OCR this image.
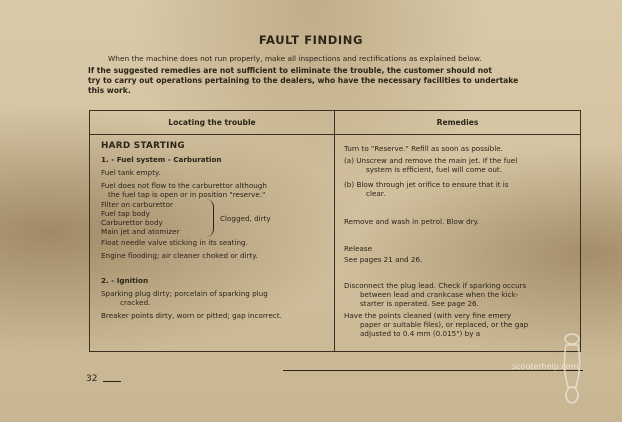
FAULT FINDING
When the machine does not run properly, make all inspections and rectifications as explained below.
If the suggested remedies are not sufficient to eliminate the trouble, the customer should not
try to carry out operations pertaining to the dealers, who have the necessary facilities to undertake
this work.
Locating the trouble	Remedies
HARD STARTING
1. - Fuel system - Carburation
Fuel tank empty.
Fuel does not flow to the carburettor although
the fuel tap is open or in position "reserve."
Filter on carburettor
Fuel tap body
Carburettor body
Main jet and atomizer
Clogged, dirty
Float needle valve sticking in its seating.
Engine flooding; air cleaner choked or dirty.
2. - Ignition
Sparking plug dirty; porcelain of sparking plug
cracked.
Breaker points dirty, worn or pitted; gap incorrect.
Turn to "Reserve." Refill as soon as possible.
(a) Unscrew and remove the main jet. If the fuel
system is efficient, fuel will come out.
(b) Blow through jet orifice to ensure that it is
clear.
Remove and wash in petrol. Blow dry.
Release
See pages 21 and 26.
Disconnect the plug lead. Check if sparking occurs
between lead and crankcase when the kick-
starter is operated. See page 26.
Have the points cleaned (with very fine emery
paper or suitable files), or replaced, or the gap
adjusted to 0.4 mm (0.015") by a
32
scooterhelp.com
